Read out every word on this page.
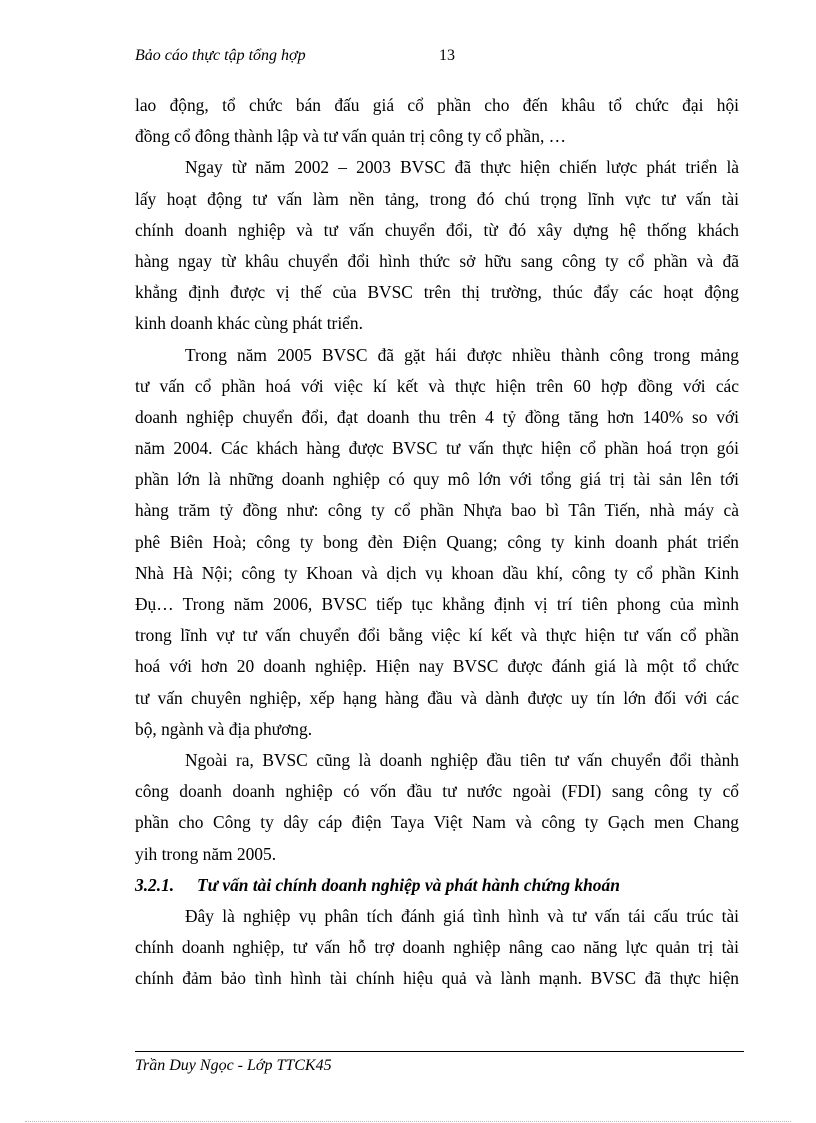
Bảo cáo thực tập tổng hợp	13
lao động, tổ chức bán đấu giá cổ phần cho đến khâu tổ chức đại hội
đồng cổ đông thành lập và tư vấn quản trị công ty cổ phần, …
Ngay từ năm 2002 – 2003 BVSC đã thực hiện chiến lược phát triển là
lấy hoạt động tư vấn làm nền tảng, trong đó chú trọng lĩnh vực tư vấn tài
chính doanh nghiệp và tư vấn chuyển đổi, từ đó xây dựng hệ thống khách
hàng ngay từ khâu chuyển đổi hình thức sở hữu sang công ty cổ phần và đã
khẳng định được vị thế của BVSC trên thị trường, thúc đẩy các hoạt động
kinh doanh khác cùng phát triển.
Trong năm 2005 BVSC đã gặt hái được nhiều thành công trong mảng
tư vấn cổ phần hoá với việc kí kết và thực hiện trên 60 hợp đồng với các
doanh nghiệp chuyển đổi, đạt doanh thu trên 4 tỷ đồng tăng hơn 140% so với
năm 2004. Các khách hàng được BVSC tư vấn thực hiện cổ phần hoá trọn gói
phần lớn là những doanh nghiệp có quy mô lớn với tổng giá trị tài sản lên tới
hàng trăm tỷ đồng như: công ty cổ phần Nhựa bao bì Tân Tiến, nhà máy cà
phê Biên Hoà; công ty bong đèn Điện Quang; công ty kinh doanh phát triển
Nhà Hà Nội; công ty Khoan và dịch vụ khoan dầu khí, công ty cổ phần Kinh
Đụ… Trong năm 2006, BVSC tiếp tục khẳng định vị trí tiên phong của mình
trong lĩnh vự tư vấn chuyển đổi bằng việc kí kết và thực hiện tư vấn cổ phần
hoá với hơn 20 doanh nghiệp. Hiện nay BVSC được đánh giá là một tổ chức
tư vấn chuyên nghiệp, xếp hạng hàng đầu và dành được uy tín lớn đối với các
bộ, ngành và địa phương.
Ngoài ra, BVSC cũng là doanh nghiệp đầu tiên tư vấn chuyển đổi thành
công doanh doanh nghiệp có vốn đầu tư nước ngoài (FDI) sang công ty cổ
phần cho Công ty dây cáp điện Taya Việt Nam và công ty Gạch men Chang
yih trong năm 2005.
3.2.1. Tư vấn tài chính doanh nghiệp và phát hành chứng khoán
Đây là nghiệp vụ phân tích đánh giá tình hình và tư vấn tái cấu trúc tài
chính doanh nghiệp, tư vấn hỗ trợ doanh nghiệp nâng cao năng lực quản trị tài
chính đảm bảo tình hình tài chính hiệu quả và lành mạnh. BVSC đã thực hiện
Trần Duy Ngọc - Lớp TTCK45
